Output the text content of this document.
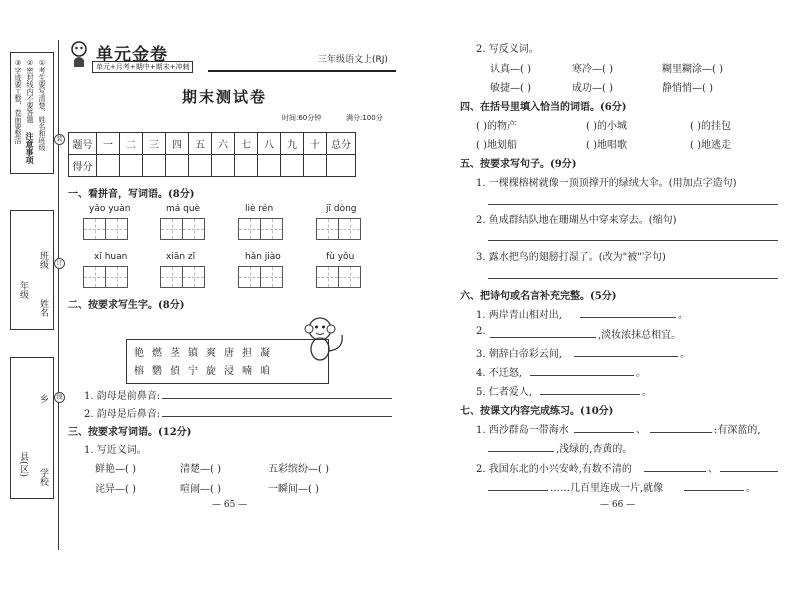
③字迹要工整，卷面要整洁 ②密封线内不要答题 ①考生要写清楚、姓名和班级
注意事项
班级
年级
姓名
乡
县(区) 学校
装
订
线
单元金卷
单元+月考+期中+期末+冲刺
三年级语文上(RJ)
期末测试卷
时间:60分钟	满分:100分
题号	一	二	三	四	五	六	七	八	九	十	总分
得分											
一、看拼音，写词语。(8分)
yāo yuàn	má què	liè rén	jī dòng
xī huan	xiān zǐ	hǎn jiào	fù yǒu
二、按要求写生字。(8分)
艳燃茎镇爽唐担凝
榕鹦偵宁旋浸喃咱
1. 韵母是前鼻音:
2. 韵母是后鼻音:
三、按要求写词语。(12分)
1. 写近义词。
鲜艳—( )	清楚—( )	五彩缤纷—( )
诧异—( )	喧闹—( )	一瞬间—( )
— 65 —
2. 写反义词。
认真—( )	寒冷—( )	糊里糊涂—( )
敏捷—( )	成功—( )	静悄悄—( )
四、在括号里填入恰当的词语。(6分)
( )的物产	( )的小城	( )的挂包
( )地划船	( )地唱歌	( )地逃走
五、按要求写句子。(9分)
1. 一棵棵榕树就像一顶顶撑开的绿绒大伞。(用加点字造句)
2. 鱼成群结队地在珊瑚丛中穿来穿去。(缩句)
3. 露水把鸟的翅膀打湿了。(改为"被"字句)
六、把诗句或名言补充完整。(5分)
1. 两岸青山相对出,	。
2.	,淡妆浓抹总相宜。
3. 朝辞白帝彩云间,	。
4. 不迁怒,	。
5. 仁者爱人,	。
七、按课文内容完成练习。(10分)
1. 西沙群岛一带海水	、	:有深蓝的,
,浅绿的,杏黄的。
2. 我国东北的小兴安岭,有数不清的	、
……几百里连成一片,就像	。
— 66 —
